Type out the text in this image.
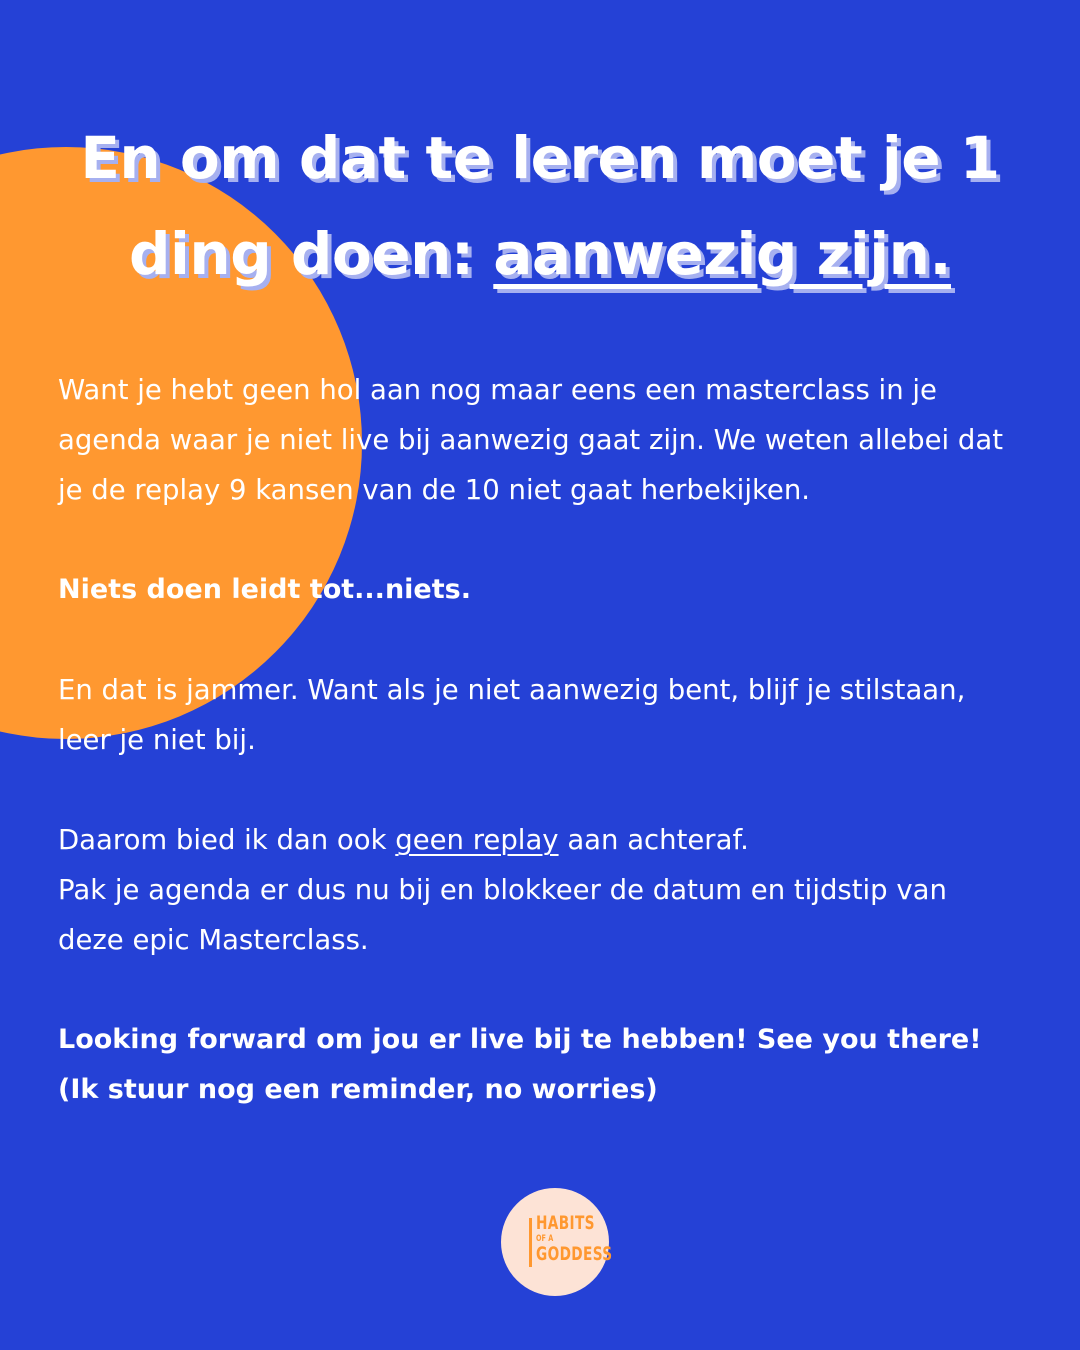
En om dat te leren moet je 1 ding doen: aanwezig zijn.

Want je hebt geen hol aan nog maar eens een masterclass in je agenda waar je niet live bij aanwezig gaat zijn. We weten allebei dat je de replay 9 kansen van de 10 niet gaat herbekijken.

Niets doen leidt tot...niets.

En dat is jammer. Want als je niet aanwezig bent, blijf je stilstaan, leer je niet bij.

Daarom bied ik dan ook geen replay aan achteraf.
Pak je agenda er dus nu bij en blokkeer de datum en tijdstip van deze epic Masterclass.

Looking forward om jou er live bij te hebben! See you there! (Ik stuur nog een reminder, no worries)

HABITS
OF A
GODDESS
